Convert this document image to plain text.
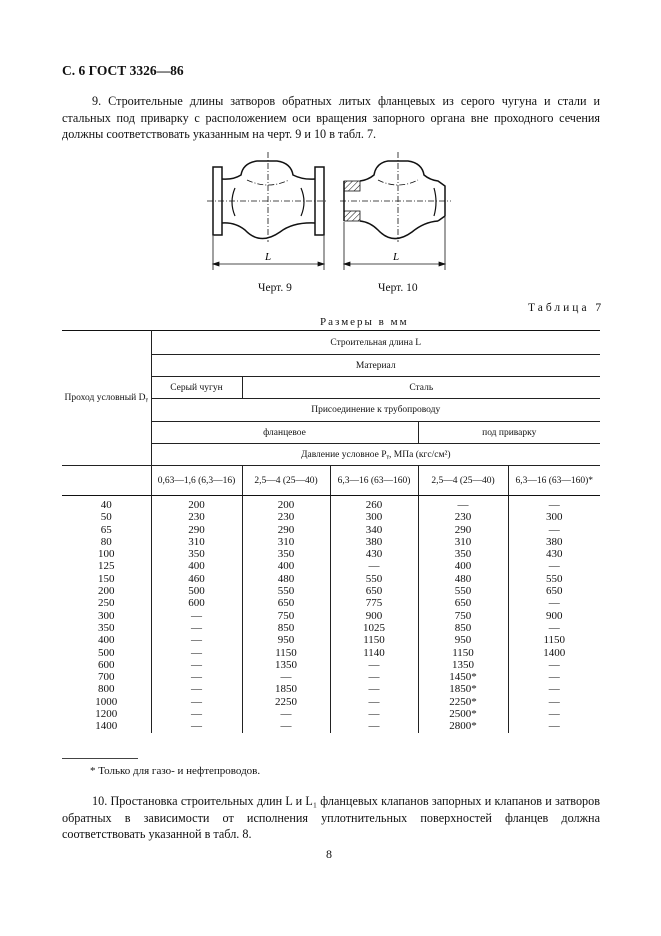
С. 6 ГОСТ 3326—86
9. Строительные длины затворов обратных литых фланцевых из серого чугуна и стали и стальных под приварку с расположением оси вращения запорного органа вне проходного сечения должны соответствовать указанным на черт. 9 и 10 в табл. 7.
L	L
Черт. 9	Черт. 10
Таблица 7
Размеры в мм
Проход условный Dᵧ	Строительная длина L				
	Материал				
	Серый чугун	Сталь			
	Присоединение к трубопроводу				
	фланцевое			под приварку	
	Давление условное Pᵧ, МПа (кгс/см²)				
	0,63—1,6 (6,3—16)	2,5—4 (25—40)	6,3—16 (63—160)	2,5—4 (25—40)	6,3—16 (63—160)*
40	200	200	260	—	—
50	230	230	300	230	300
65	290	290	340	290	—
80	310	310	380	310	380
100	350	350	430	350	430
125	400	400	—	400	—
150	460	480	550	480	550
200	500	550	650	550	650
250	600	650	775	650	—
300	—	750	900	750	900
350	—	850	1025	850	—
400	—	950	1150	950	1150
500	—	1150	1140	1150	1400
600	—	1350	—	1350	—
700	—	—	—	1450*	—
800	—	1850	—	1850*	—
1000	—	2250	—	2250*	—
1200	—	—	—	2500*	—
1400	—	—	—	2800*	—
* Только для газо- и нефтепроводов.
10. Простановка строительных длин L и L₁ фланцевых клапанов запорных и клапанов и затворов обратных в зависимости от исполнения уплотнительных поверхностей фланцев должна соответствовать указанной в табл. 8.
8
